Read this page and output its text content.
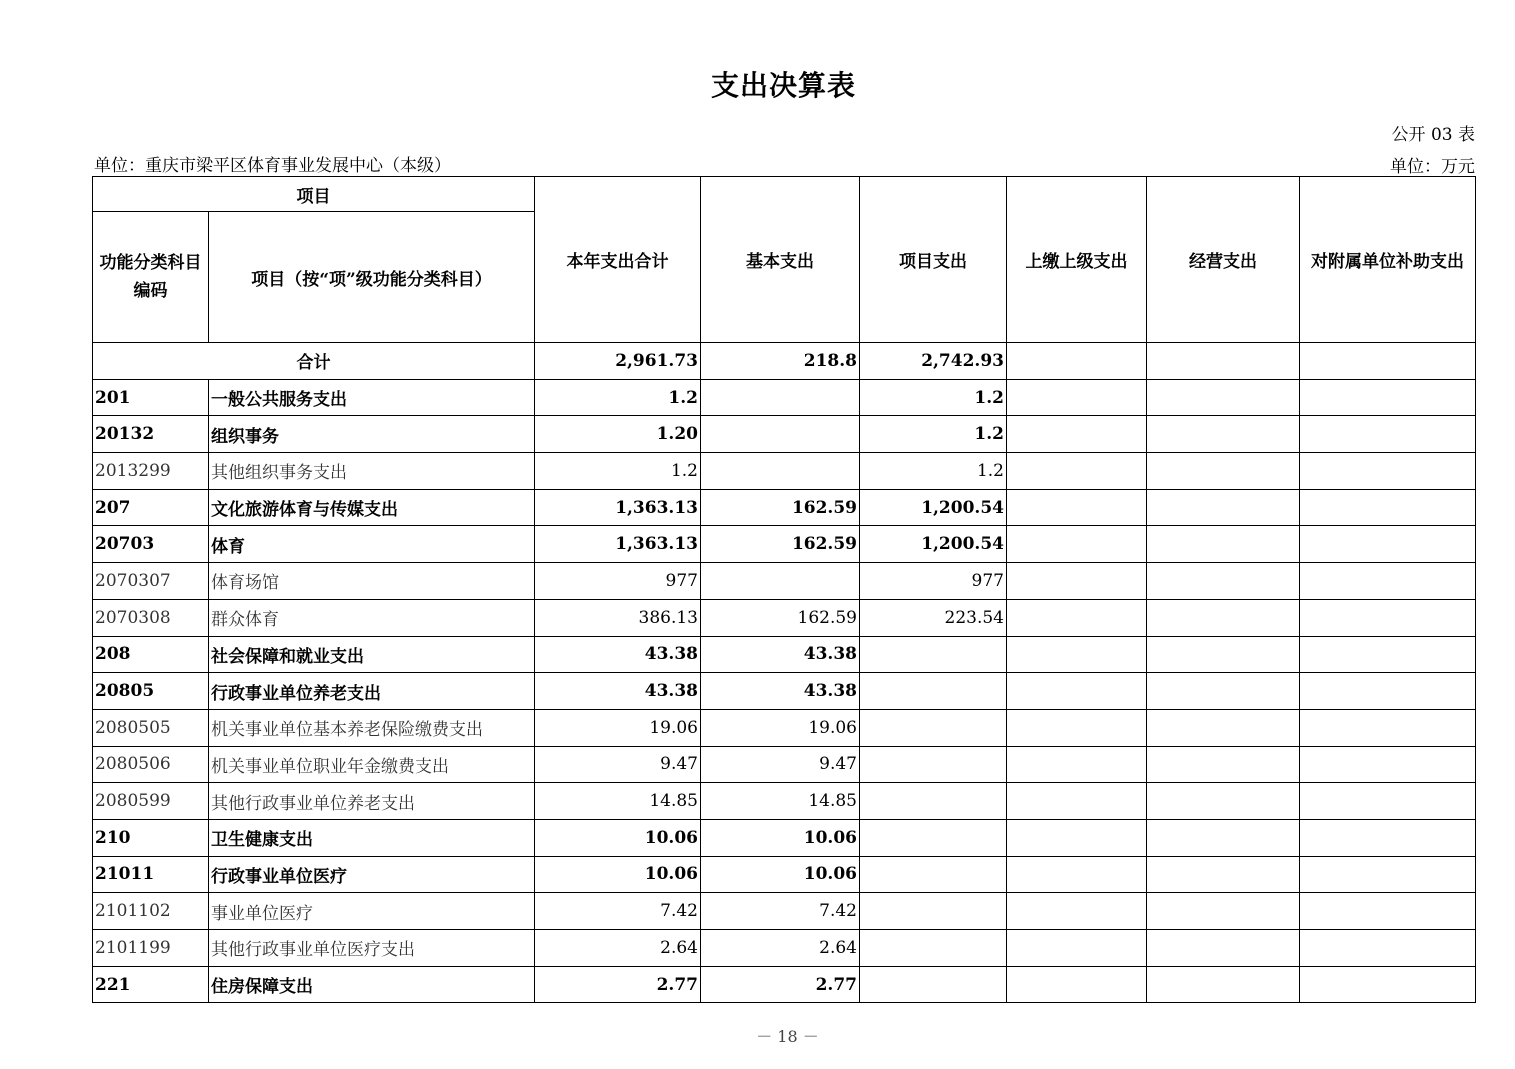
支出决算表
公开 03 表
单位：重庆市梁平区体育事业发展中心（本级）	单位：万元
项目		本年支出合计	基本支出	项目支出	上缴上级支出	经营支出	对附属单位补助支出
功能分类科目编码	项目（按“项”级功能分类科目）						
合计		2,961.73	218.8	2,742.93			
201	一般公共服务支出	1.2		1.2			
20132	组织事务	1.20		1.2			
2013299	其他组织事务支出	1.2		1.2			
207	文化旅游体育与传媒支出	1,363.13	162.59	1,200.54			
20703	体育	1,363.13	162.59	1,200.54			
2070307	体育场馆	977		977			
2070308	群众体育	386.13	162.59	223.54			
208	社会保障和就业支出	43.38	43.38				
20805	行政事业单位养老支出	43.38	43.38				
2080505	机关事业单位基本养老保险缴费支出	19.06	19.06				
2080506	机关事业单位职业年金缴费支出	9.47	9.47				
2080599	其他行政事业单位养老支出	14.85	14.85				
210	卫生健康支出	10.06	10.06				
21011	行政事业单位医疗	10.06	10.06				
2101102	事业单位医疗	7.42	7.42				
2101199	其他行政事业单位医疗支出	2.64	2.64				
221	住房保障支出	2.77	2.77				
－ 18 －
